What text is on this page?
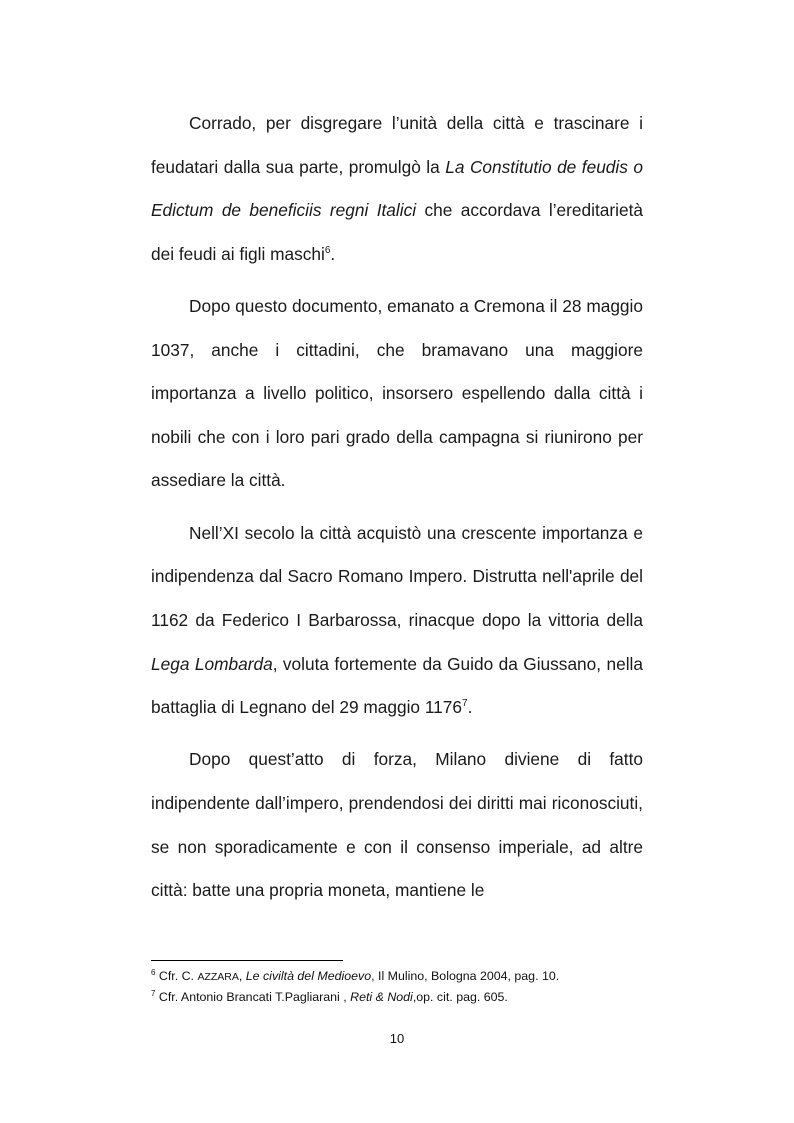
Corrado, per disgregare l’unità della città e trascinare i feudatari dalla sua parte, promulgò la La Constitutio de feudis o Edictum de beneficiis regni Italici che accordava l’ereditarietà dei feudi ai figli maschi$^6$.

Dopo questo documento, emanato a Cremona il 28 maggio 1037, anche i cittadini, che bramavano una maggiore importanza a livello politico, insorsero espellendo dalla città i nobili che con i loro pari grado della campagna si riunirono per assediare la città.

Nell’XI secolo la città acquistò una crescente importanza e indipendenza dal Sacro Romano Impero. Distrutta nell'aprile del 1162 da Federico I Barbarossa, rinacque dopo la vittoria della Lega Lombarda, voluta fortemente da Guido da Giussano, nella battaglia di Legnano del 29 maggio 1176$^7$.

Dopo quest’atto di forza, Milano diviene di fatto indipendente dall’impero, prendendosi dei diritti mai riconosciuti, se non sporadicamente e con il consenso imperiale, ad altre città: batte una propria moneta, mantiene le

$^6$ Cfr. C. AZZARA, Le civiltà del Medioevo, Il Mulino, Bologna 2004, pag. 10.
$^7$ Cfr. Antonio Brancati T.Pagliarani , Reti & Nodi,op. cit. pag. 605.
10
